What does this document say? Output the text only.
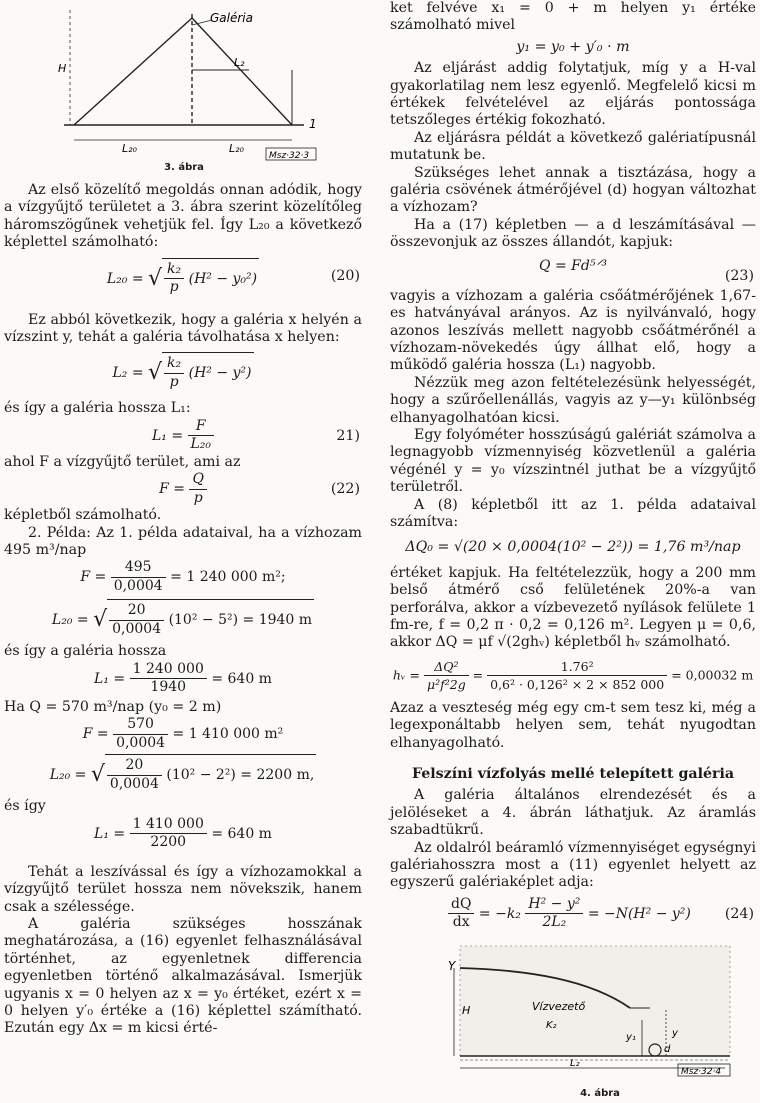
Galéria
L₂
H
L₂₀	L₂₀
1
Msz·32·3
3. ábra

Az első közelítő megoldás onnan adódik, hogy a vízgyűjtő területet a 3. ábra szerint közelítőleg háromszögűnek vehetjük fel. Így L₂₀ a következő képlettel számolható:

L₂₀ = √ $\frac{\text{k₂}}{p} (H^2 - y_0^2)$	(20)

Ez abból következik, hogy a galéria x helyén a vízszint y, tehát a galéria távolhatása x helyen:

L₂ = √ $\frac{\text{k₂}}{p} (H^2 - y^2)$

és így a galéria hossza L₁:

$L_1 = \frac{F}{\text{L₂₀}}$	21)

ahol F a vízgyűjtő terület, ami az

$F = \frac{Q}{p}$	(22)

képletből számolható.

2. Példa: Az 1. példa adataival, ha a vízhozam 495 m³/nap

$F = \frac{495}{0,0004} = 1$ 240 000 m²;
L₂₀ = √ $\frac{20}{0,0004} (10^2 - 5^2) = 1940$ m

és így a galéria hossza

$L_1 = \frac{1 240 000}{1940} = 640$ m

Ha Q = 570 m³/nap (y₀ = 2 m)

$F = \frac{570}{0,0004} = 1$ 410 000 m²
L₂₀ = √ $\frac{20}{0,0004} (10^2 - 2^2) = 2200$ m,

és így

$L_1 = \frac{1 410 000}{2200} = 640$ m

Tehát a leszívással és így a vízhozamokkal a vízgyűjtő terület hossza nem növekszik, hanem csak a szélessége.

A galéria szükséges hosszának meghatározása, a (16) egyenlet felhasználásával történhet, az egyenletnek differencia egyenletben történő alkalmazásával. Ismerjük ugyanis x = 0 helyen az x = y₀ értéket, ezért x = 0 helyen y′₀ értéke a (16) képlettel számítható. Ezután egy Δx = m kicsi érté-

ket felvéve x₁ = 0 + m helyen y₁ értéke számolható mivel

y₁ = y₀ + y′₀ · m

Az eljárást addig folytatjuk, míg y a H-val gyakorlatilag nem lesz egyenlő. Megfelelő kicsi m értékek felvételével az eljárás pontossága tetszőleges értékig fokozható.

Az eljárásra példát a következő galériatípusnál mutatunk be.

Szükséges lehet annak a tisztázása, hogy a galéria csövének átmérőjével (d) hogyan változhat a vízhozam?

Ha a (17) képletben — a d leszámításával — összevonjuk az összes állandót, kapjuk:

Q = Fd⁵ᐟ³
(23)

vagyis a vízhozam a galéria csőátmérőjének 1,67-es hatványával arányos. Az is nyilvánvaló, hogy azonos leszívás mellett nagyobb csőátmérőnél a vízhozam-növekedés úgy állhat elő, hogy a működő galéria hossza (L₁) nagyobb.

Nézzük meg azon feltételezésünk helyességét, hogy a szűrőellenállás, vagyis az y—y₁ különbség elhanyagolhatóan kicsi.

Egy folyóméter hosszúságú galériát számolva a legnagyobb vízmennyiség közvetlenül a galéria végénél y = y₀ vízszintnél juthat be a vízgyűjtő területről.

A (8) képletből itt az 1. példa adataival számítva:

ΔQ₀ = √(20 × 0,0004(10² − 2²)) = 1,76 m³/nap

értéket kapjuk. Ha feltételezzük, hogy a 200 mm belső átmérő cső felületének 20%-a van perforálva, akkor a vízbevezető nyílások felülete 1 fm-re, f = 0,2 π · 0,2 = 0,126 m². Legyen μ = 0,6, akkor ΔQ = μf √(2ghᵥ) képletből hᵥ számolható.

hᵥ = $\frac{\text{ΔQ²}}{\text{μ²f²2g}} = \frac{\text{1.76²}}{\text{0,6² · 0,126² × 2 × 852 000}} = 0,00032$ m

Azaz a veszteség még egy cm-t sem tesz ki, még a legexponáltabb helyen sem, tehát nyugodtan elhanyagolható.

Felszíni vízfolyás mellé telepített galéria

A galéria általános elrendezését és a jelöléseket a 4. ábrán láthatjuk. Az áramlás szabadtükrű.

Az oldalról beáramló vízmennyiséget egységnyi galériahosszra most a (11) egyenlet helyett az egyszerű galériaképlet adja:

$\frac{dQ}{dx} = -k_2 \frac{\text{H² − y²}}{\text{2L₂}} = -N(H^2 - y^2)$	(24)
Y
H	Vízvezető
K₂
y₁	y
d
L₂
Msz·32·4
4. ábra
